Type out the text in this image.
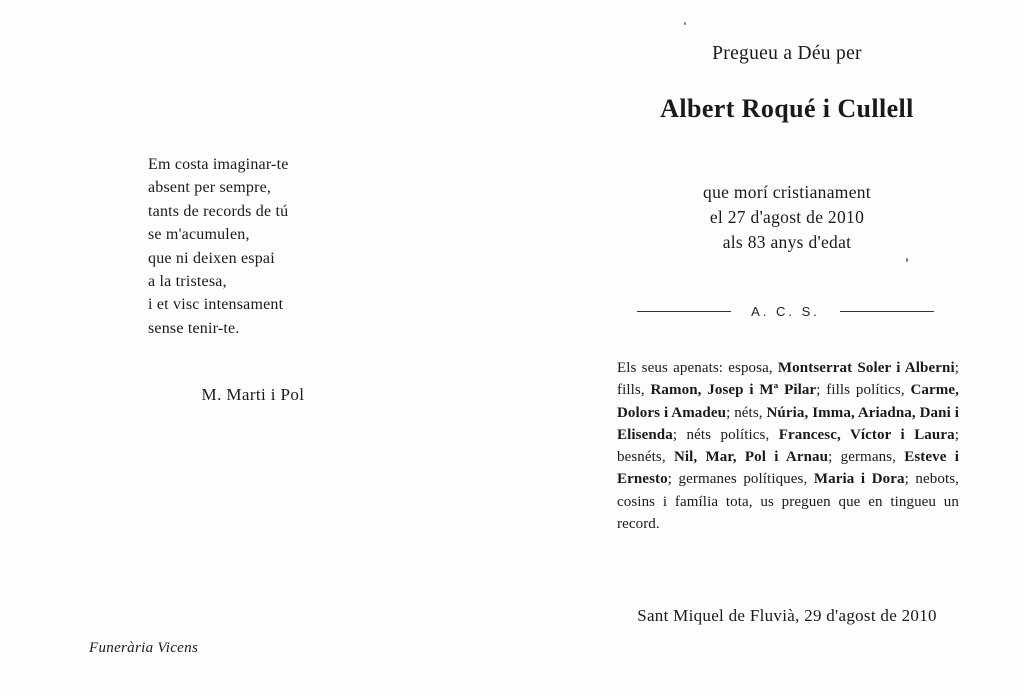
Em costa imaginar-te
absent per sempre,
tants de records de tú
se m'acumulen,
que ni deixen espai
a la tristesa,
i et visc intensament
sense tenir-te.
M. Marti i Pol
Funerària Vicens
Pregueu a Déu per
Albert Roqué i Cullell
que morí cristianament
el 27 d'agost de 2010
als 83 anys d'edat
A. C. S.
Els seus apenats: esposa, Montserrat Soler i Alberni; fills, Ramon, Josep i Mª Pilar; fills polítics, Carme, Dolors i Amadeu; néts, Núria, Imma, Ariadna, Dani i Elisenda; néts polítics, Francesc, Víctor i Laura; besnéts, Nil, Mar, Pol i Arnau; germans, Esteve i Ernesto; germanes polítiques, Maria i Dora; nebots, cosins i família tota, us preguen que en tingueu un record.
Sant Miquel de Fluvià, 29 d'agost de 2010
